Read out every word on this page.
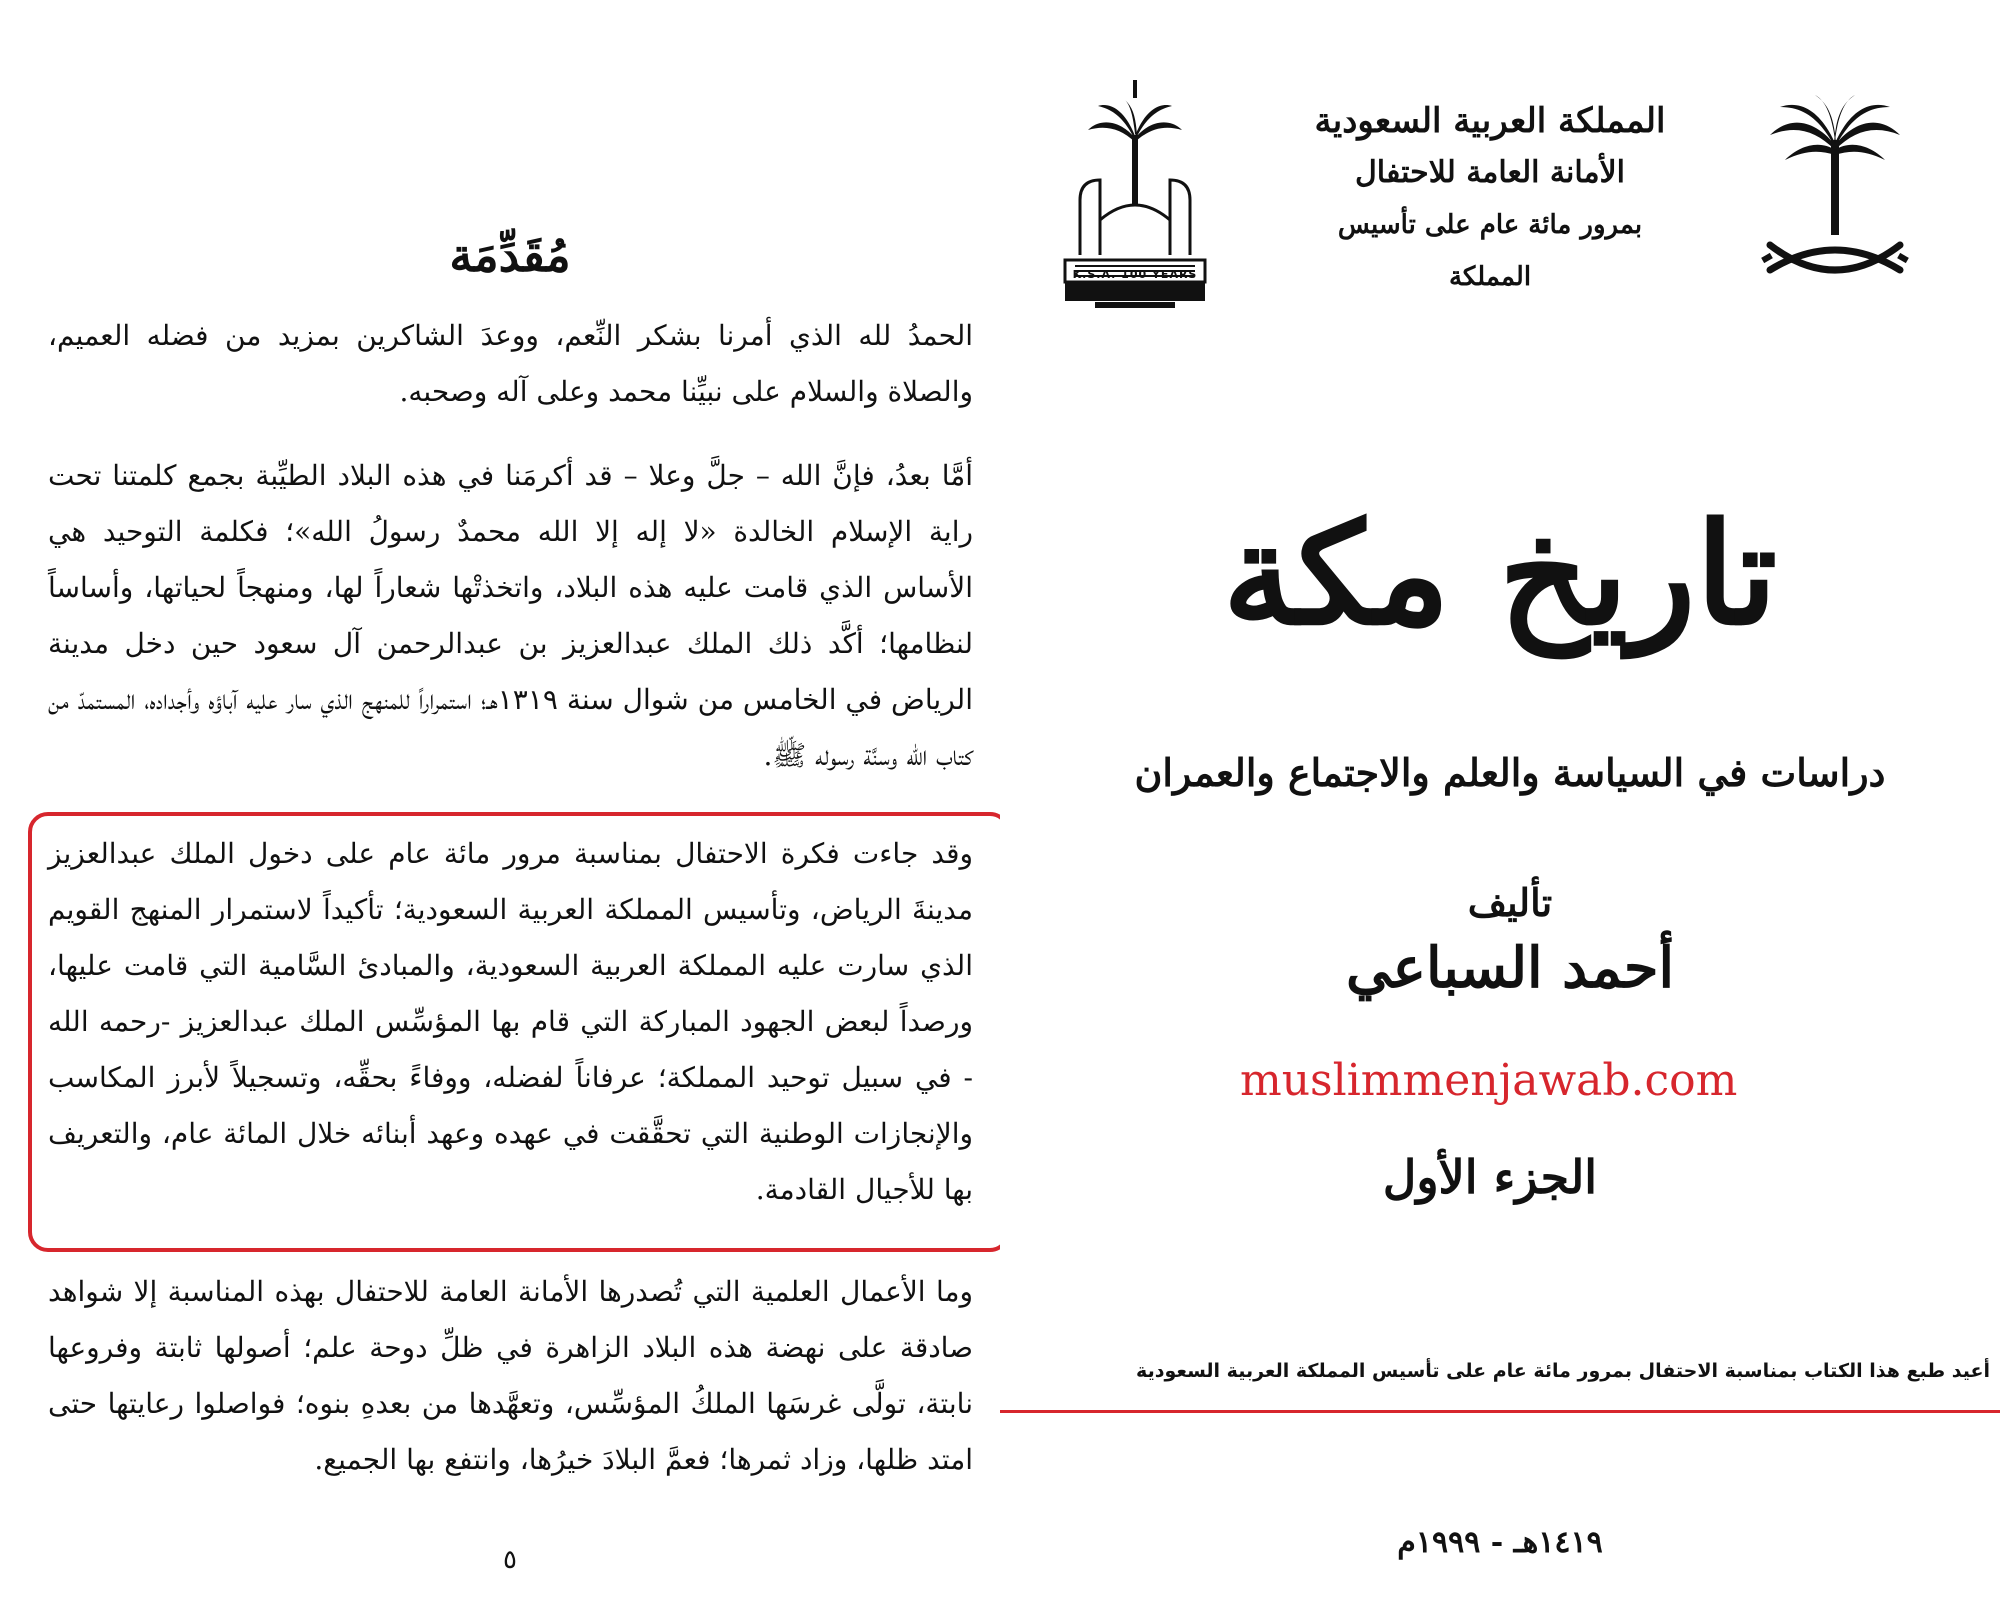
مُقَدِّمَة

الحمدُ لله الذي أمرنا بشكر النِّعم، ووعدَ الشاكرين بمزيد من فضله العميم، والصلاة والسلام على نبيِّنا محمد وعلى آله وصحبه.

أمَّا بعدُ، فإنَّ الله – جلَّ وعلا – قد أكرمَنا في هذه البلاد الطيِّبة بجمع كلمتنا تحت راية الإسلام الخالدة «لا إله إلا الله محمدٌ رسولُ الله»؛ فكلمة التوحيد هي الأساس الذي قامت عليه هذه البلاد، واتخذتْها شعاراً لها، ومنهجاً لحياتها، وأساساً لنظامها؛ أكَّد ذلك الملك عبدالعزيز بن عبدالرحمن آل سعود حين دخل مدينة الرياض في الخامس من شوال سنة ١٣١٩هـ؛ استمراراً للمنهج الذي سار عليه آباؤه وأجداده، المستمدّ من كتاب الله وسنَّة رسوله ﷺ.

وقد جاءت فكرة الاحتفال بمناسبة مرور مائة عام على دخول الملك عبدالعزيز مدينةَ الرياض، وتأسيس المملكة العربية السعودية؛ تأكيداً لاستمرار المنهج القويم الذي سارت عليه المملكة العربية السعودية، والمبادئ السَّامية التي قامت عليها، ورصداً لبعض الجهود المباركة التي قام بها المؤسِّس الملك عبدالعزيز -رحمه الله - في سبيل توحيد المملكة؛ عرفاناً لفضله، ووفاءً بحقِّه، وتسجيلاً لأبرز المكاسب والإنجازات الوطنية التي تحقَّقت في عهده وعهد أبنائه خلال المائة عام، والتعريف بها للأجيال القادمة.

وما الأعمال العلمية التي تُصدرها الأمانة العامة للاحتفال بهذه المناسبة إلا شواهد صادقة على نهضة هذه البلاد الزاهرة في ظلِّ دوحة علم؛ أصولها ثابتة وفروعها نابتة، تولَّى غرسَها الملكُ المؤسِّس، وتعهَّدها من بعدهِ بنوه؛ فواصلوا رعايتها حتى امتد ظلها، وزاد ثمرها؛ فعمَّ البلادَ خيرُها، وانتفع بها الجميع.

٥

المملكة العربية السعودية

الأمانة العامة للاحتفال

بمرور مائة عام على تأسيس المملكة

K.S.A. 100 YEARS
تاريخ مكة
دراسات في السياسة والعلم والاجتماع والعمران
تأليف
أحمد السباعي
muslimmenjawab.com
الجزء الأول
أعيد طبع هذا الكتاب بمناسبة الاحتفال بمرور مائة عام على تأسيس المملكة العربية السعودية
١٤١٩هـ - ١٩٩٩م
